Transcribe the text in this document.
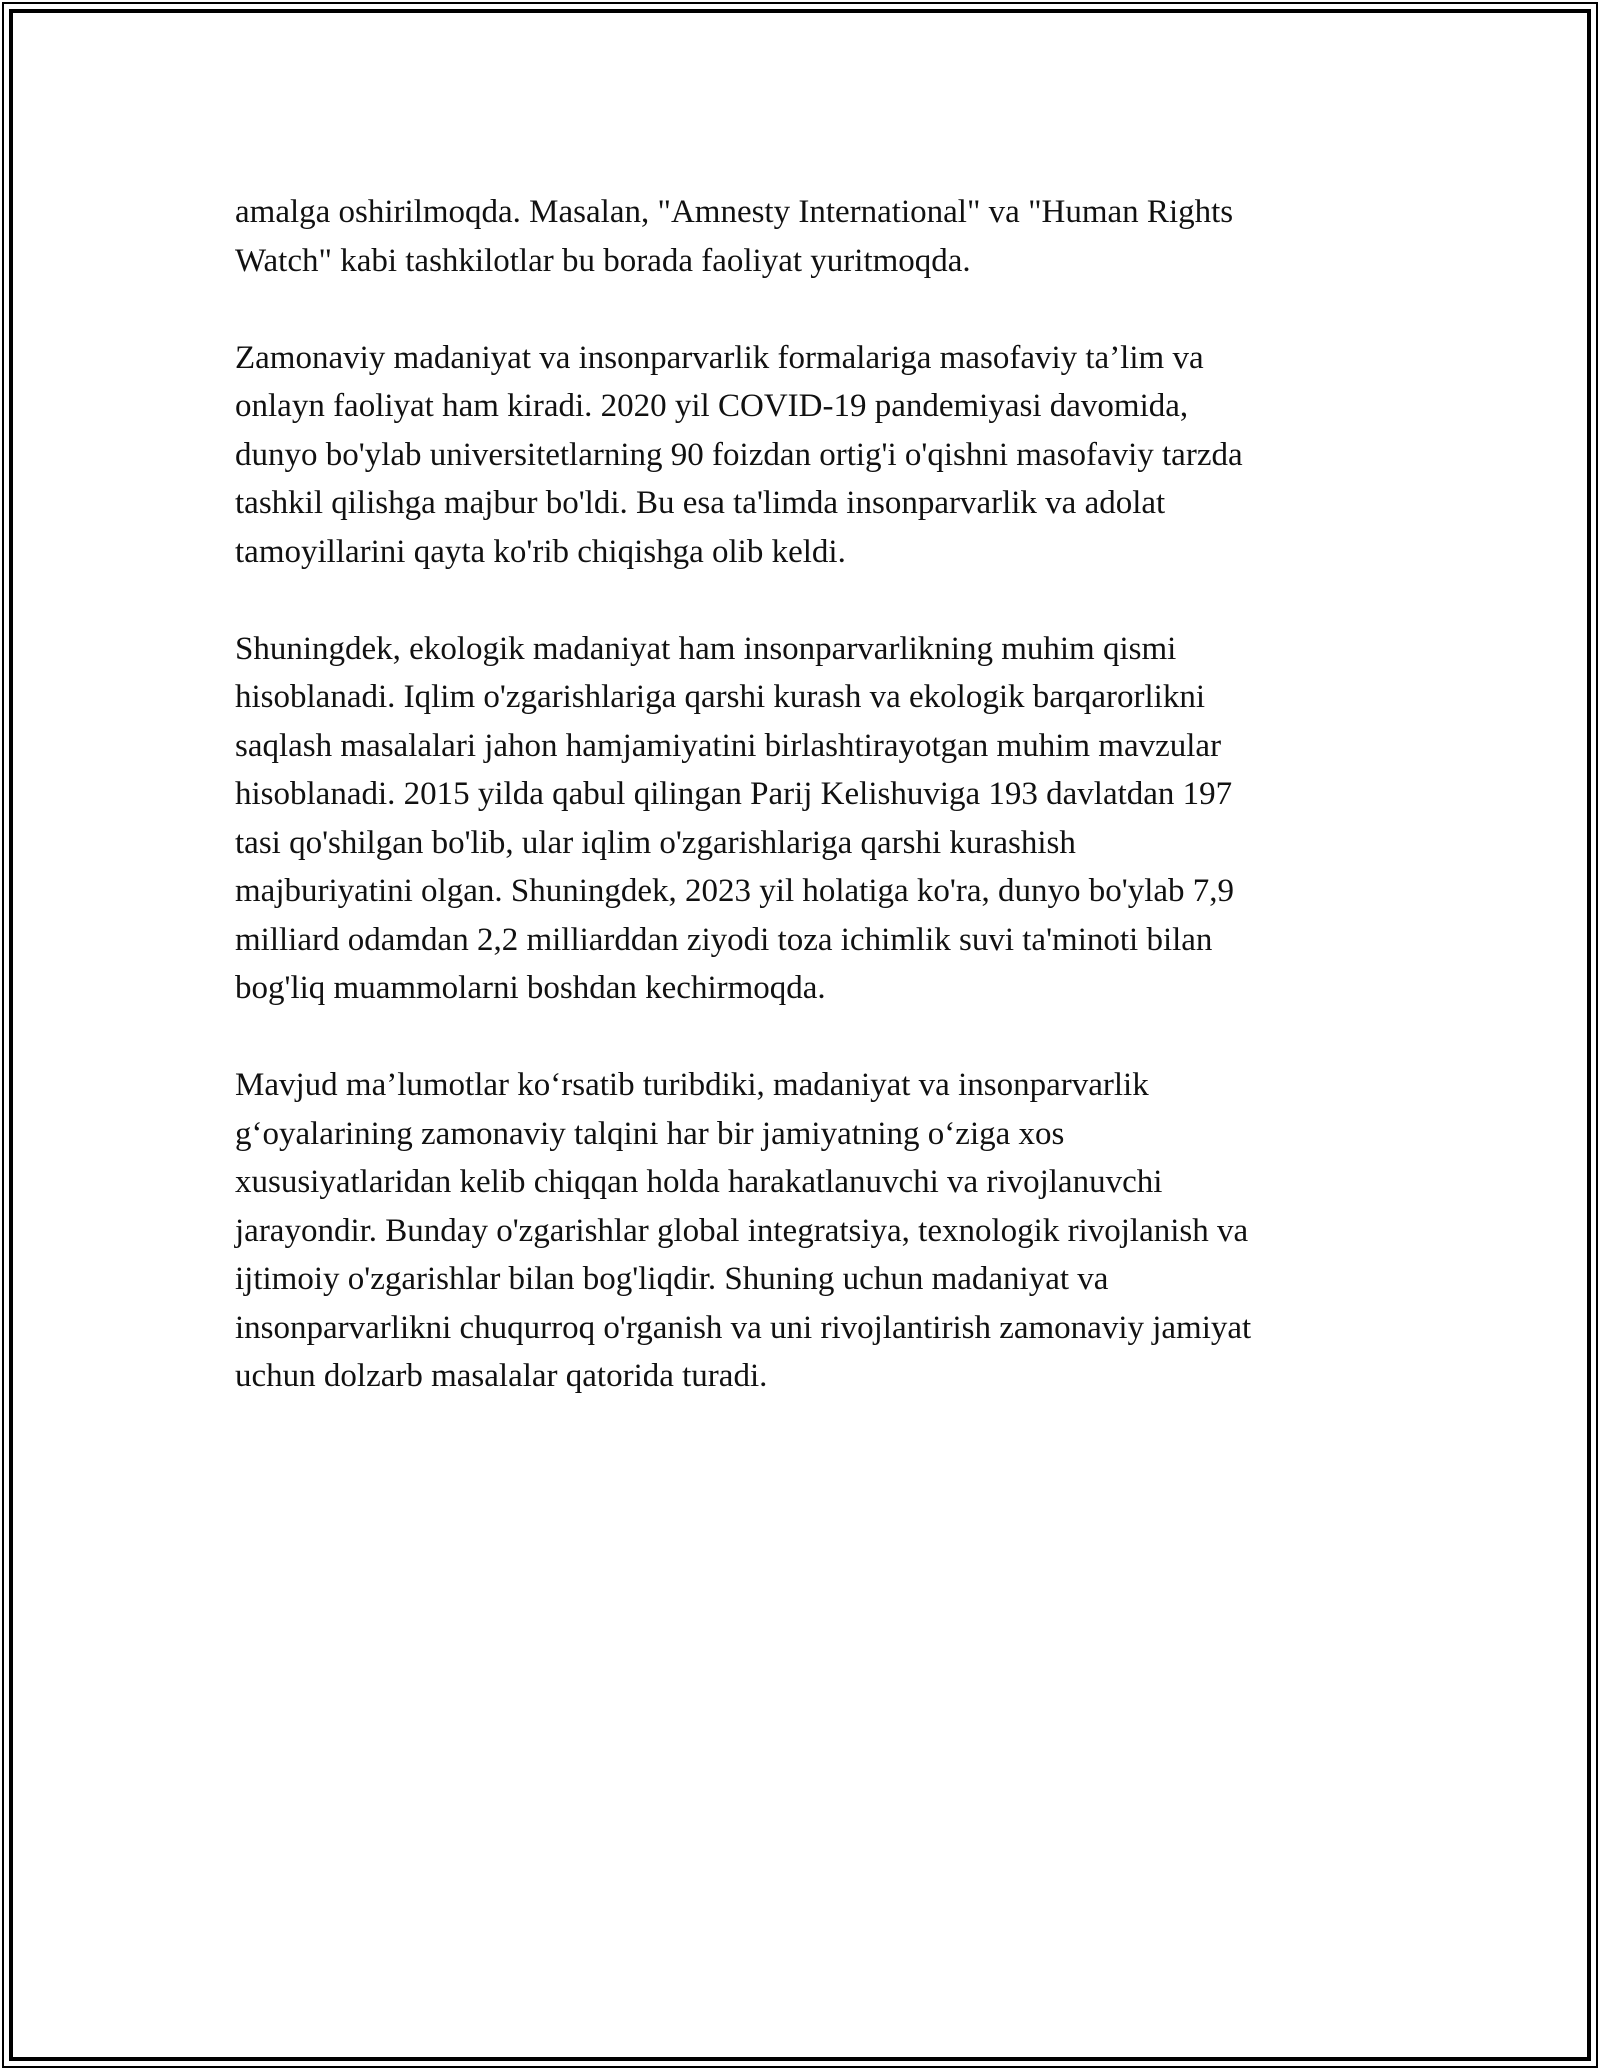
amalga oshirilmoqda. Masalan, "Amnesty International" va "Human Rights
Watch" kabi tashkilotlar bu borada faoliyat yuritmoqda.

Zamonaviy madaniyat va insonparvarlik formalariga masofaviy ta’lim va
onlayn faoliyat ham kiradi. 2020 yil COVID-19 pandemiyasi davomida,
dunyo bo'ylab universitetlarning 90 foizdan ortig'i o'qishni masofaviy tarzda
tashkil qilishga majbur bo'ldi. Bu esa ta'limda insonparvarlik va adolat
tamoyillarini qayta ko'rib chiqishga olib keldi.

Shuningdek, ekologik madaniyat ham insonparvarlikning muhim qismi
hisoblanadi. Iqlim o'zgarishlariga qarshi kurash va ekologik barqarorlikni
saqlash masalalari jahon hamjamiyatini birlashtirayotgan muhim mavzular
hisoblanadi. 2015 yilda qabul qilingan Parij Kelishuviga 193 davlatdan 197
tasi qo'shilgan bo'lib, ular iqlim o'zgarishlariga qarshi kurashish
majburiyatini olgan. Shuningdek, 2023 yil holatiga ko'ra, dunyo bo'ylab 7,9
milliard odamdan 2,2 milliarddan ziyodi toza ichimlik suvi ta'minoti bilan
bog'liq muammolarni boshdan kechirmoqda.

Mavjud ma’lumotlar ko‘rsatib turibdiki, madaniyat va insonparvarlik
g‘oyalarining zamonaviy talqini har bir jamiyatning o‘ziga xos
xususiyatlaridan kelib chiqqan holda harakatlanuvchi va rivojlanuvchi
jarayondir. Bunday o'zgarishlar global integratsiya, texnologik rivojlanish va
ijtimoiy o'zgarishlar bilan bog'liqdir. Shuning uchun madaniyat va
insonparvarlikni chuqurroq o'rganish va uni rivojlantirish zamonaviy jamiyat
uchun dolzarb masalalar qatorida turadi.
